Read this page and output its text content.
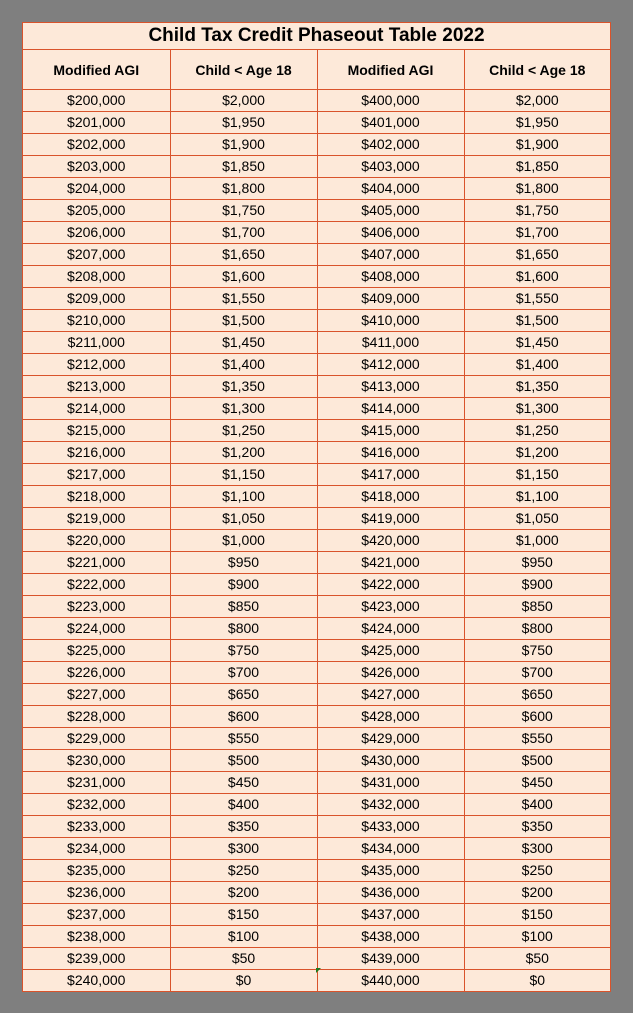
Child Tax Credit Phaseout Table 2022
Modified AGI	Child < Age 18	Modified AGI	Child < Age 18
$200,000	$2,000	$400,000	$2,000
$201,000	$1,950	$401,000	$1,950
$202,000	$1,900	$402,000	$1,900
$203,000	$1,850	$403,000	$1,850
$204,000	$1,800	$404,000	$1,800
$205,000	$1,750	$405,000	$1,750
$206,000	$1,700	$406,000	$1,700
$207,000	$1,650	$407,000	$1,650
$208,000	$1,600	$408,000	$1,600
$209,000	$1,550	$409,000	$1,550
$210,000	$1,500	$410,000	$1,500
$211,000	$1,450	$411,000	$1,450
$212,000	$1,400	$412,000	$1,400
$213,000	$1,350	$413,000	$1,350
$214,000	$1,300	$414,000	$1,300
$215,000	$1,250	$415,000	$1,250
$216,000	$1,200	$416,000	$1,200
$217,000	$1,150	$417,000	$1,150
$218,000	$1,100	$418,000	$1,100
$219,000	$1,050	$419,000	$1,050
$220,000	$1,000	$420,000	$1,000
$221,000	$950	$421,000	$950
$222,000	$900	$422,000	$900
$223,000	$850	$423,000	$850
$224,000	$800	$424,000	$800
$225,000	$750	$425,000	$750
$226,000	$700	$426,000	$700
$227,000	$650	$427,000	$650
$228,000	$600	$428,000	$600
$229,000	$550	$429,000	$550
$230,000	$500	$430,000	$500
$231,000	$450	$431,000	$450
$232,000	$400	$432,000	$400
$233,000	$350	$433,000	$350
$234,000	$300	$434,000	$300
$235,000	$250	$435,000	$250
$236,000	$200	$436,000	$200
$237,000	$150	$437,000	$150
$238,000	$100	$438,000	$100
$239,000	$50	$439,000	$50
$240,000	$0	$440,000	$0
